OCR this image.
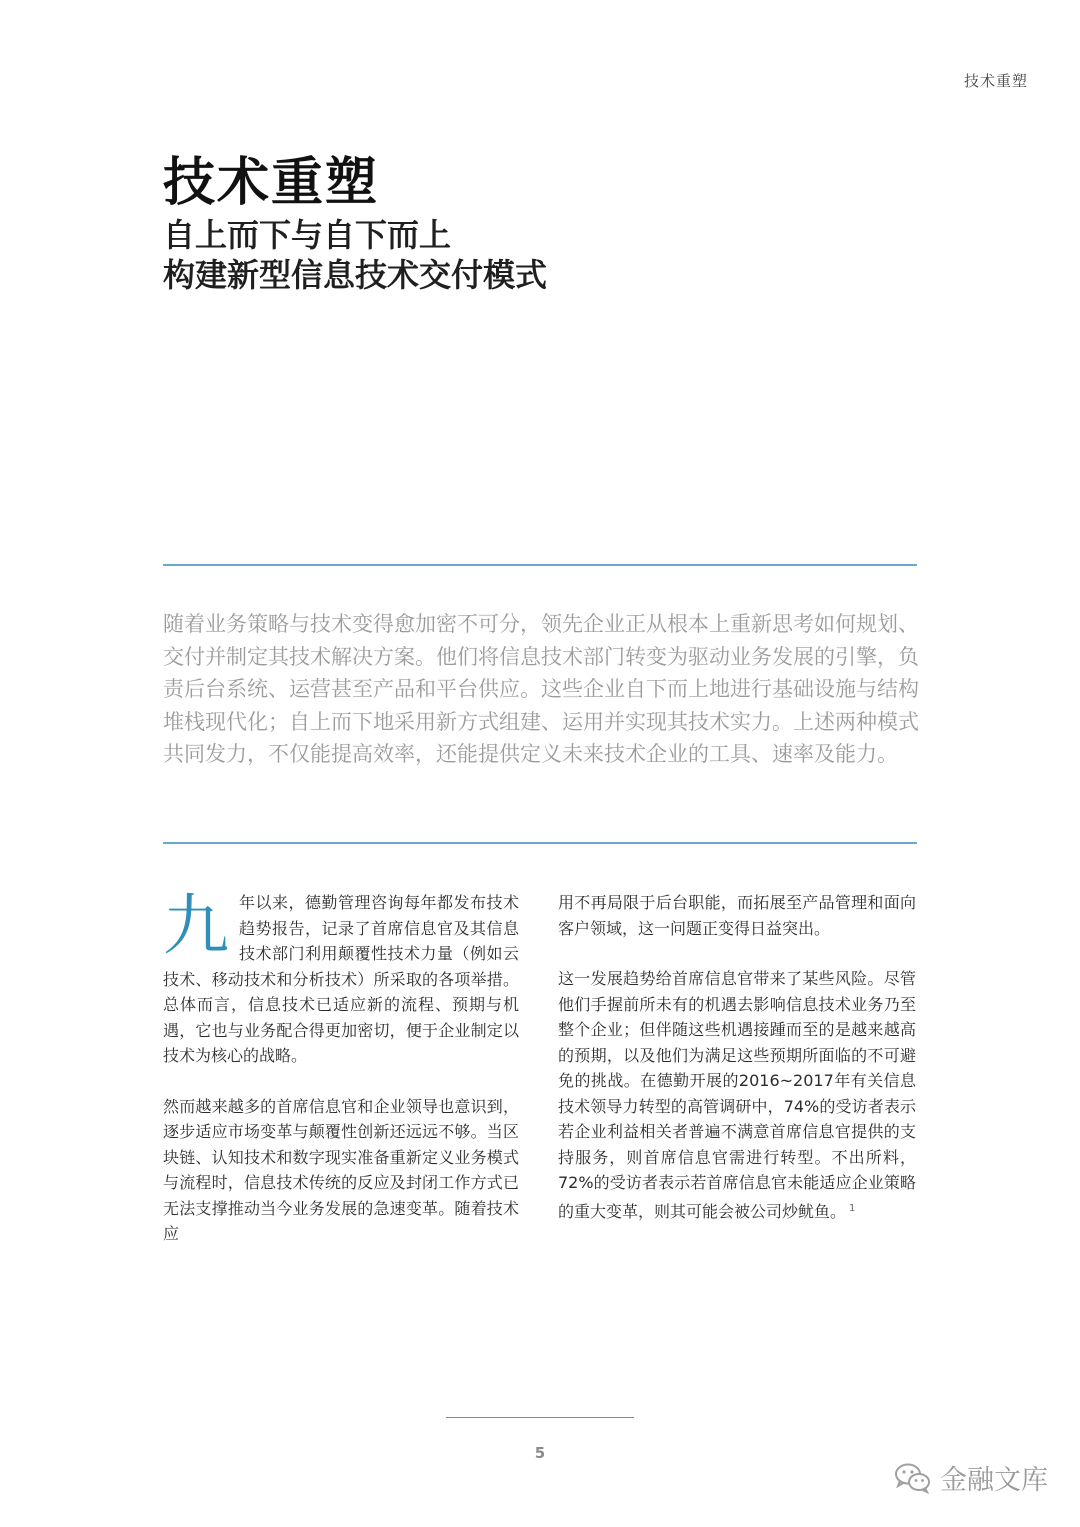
技术重塑
技术重塑
自上而下与自下而上
构建新型信息技术交付模式

随着业务策略与技术变得愈加密不可分，领先企业正从根本上重新思考如何规划、交付并制定其技术解决方案。他们将信息技术部门转变为驱动业务发展的引擎，负责后台系统、运营甚至产品和平台供应。这些企业自下而上地进行基础设施与结构堆栈现代化；自上而下地采用新方式组建、运用并实现其技术实力。上述两种模式共同发力，不仅能提高效率，还能提供定义未来技术企业的工具、速率及能力。

九年以来，德勤管理咨询每年都发布技术趋势报告，记录了首席信息官及其信息技术部门利用颠覆性技术力量（例如云技术、移动技术和分析技术）所采取的各项举措。总体而言，信息技术已适应新的流程、预期与机遇，它也与业务配合得更加密切，便于企业制定以技术为核心的战略。

然而越来越多的首席信息官和企业领导也意识到，逐步适应市场变革与颠覆性创新还远远不够。当区块链、认知技术和数字现实准备重新定义业务模式与流程时，信息技术传统的反应及封闭工作方式已无法支撑推动当今业务发展的急速变革。随着技术应

用不再局限于后台职能，而拓展至产品管理和面向客户领域，这一问题正变得日益突出。

这一发展趋势给首席信息官带来了某些风险。尽管他们手握前所未有的机遇去影响信息技术业务乃至整个企业；但伴随这些机遇接踵而至的是越来越高的预期，以及他们为满足这些预期所面临的不可避免的挑战。在德勤开展的2016~2017年有关信息技术领导力转型的高管调研中，74%的受访者表示若企业利益相关者普遍不满意首席信息官提供的支持服务，则首席信息官需进行转型。不出所料，72%的受访者表示若首席信息官未能适应企业策略的重大变革，则其可能会被公司炒鱿鱼。 $^1$

5
金融文库
